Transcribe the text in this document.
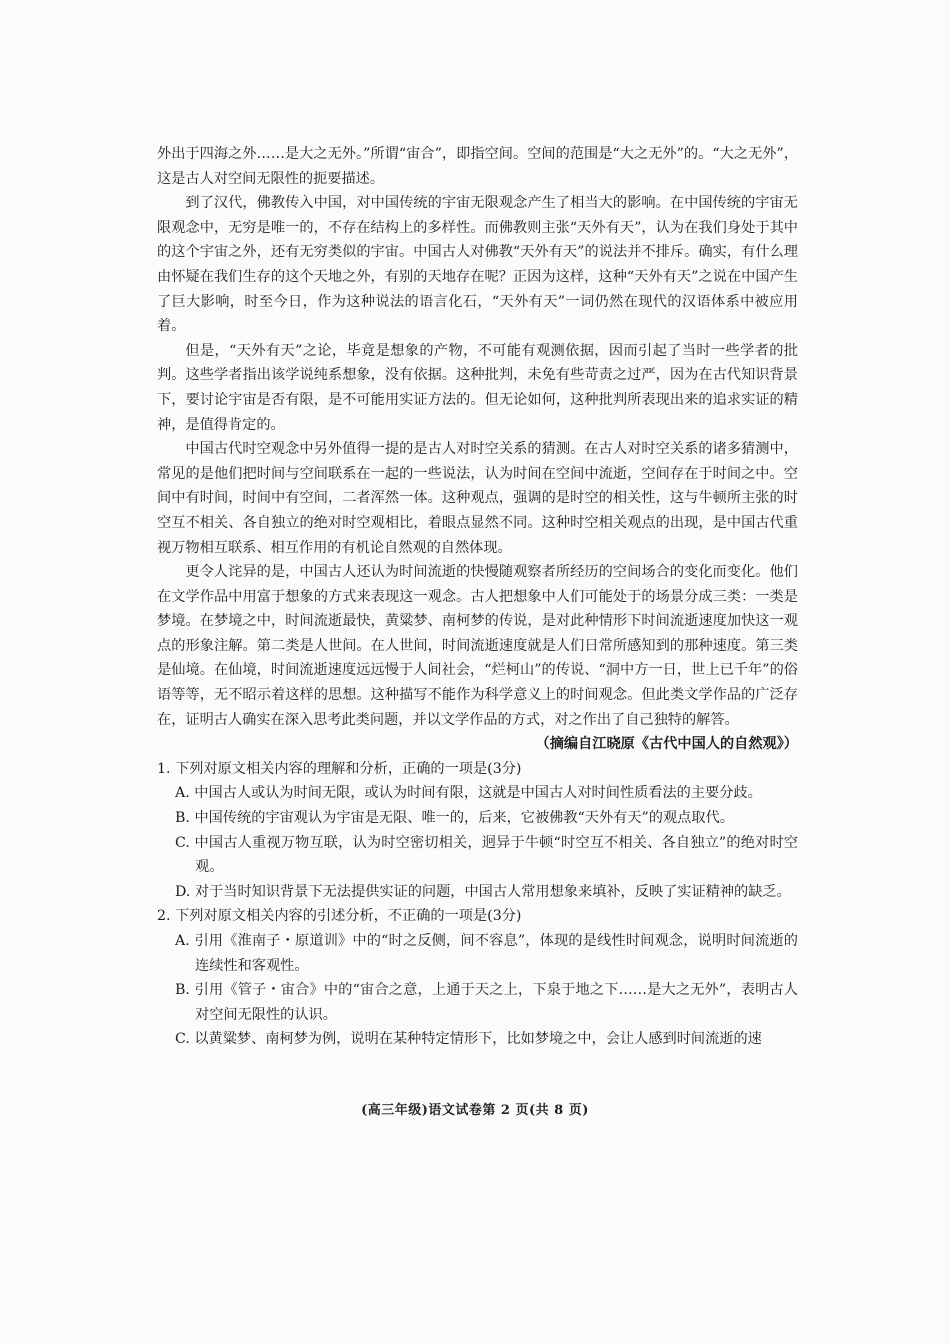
外出于四海之外……是大之无外。”所谓“宙合”，即指空间。空间的范围是“大之无外”的。“大之无外”，这是古人对空间无限性的扼要描述。

到了汉代，佛教传入中国，对中国传统的宇宙无限观念产生了相当大的影响。在中国传统的宇宙无限观念中，无穷是唯一的，不存在结构上的多样性。而佛教则主张“天外有天”，认为在我们身处于其中的这个宇宙之外，还有无穷类似的宇宙。中国古人对佛教“天外有天”的说法并不排斥。确实，有什么理由怀疑在我们生存的这个天地之外，有别的天地存在呢？正因为这样，这种“天外有天”之说在中国产生了巨大影响，时至今日，作为这种说法的语言化石，“天外有天”一词仍然在现代的汉语体系中被应用着。

但是，“天外有天”之论，毕竟是想象的产物，不可能有观测依据，因而引起了当时一些学者的批判。这些学者指出该学说纯系想象，没有依据。这种批判，未免有些苛责之过严，因为在古代知识背景下，要讨论宇宙是否有限，是不可能用实证方法的。但无论如何，这种批判所表现出来的追求实证的精神，是值得肯定的。

中国古代时空观念中另外值得一提的是古人对时空关系的猜测。在古人对时空关系的诸多猜测中，常见的是他们把时间与空间联系在一起的一些说法，认为时间在空间中流逝，空间存在于时间之中。空间中有时间，时间中有空间，二者浑然一体。这种观点，强调的是时空的相关性，这与牛顿所主张的时空互不相关、各自独立的绝对时空观相比，着眼点显然不同。这种时空相关观点的出现，是中国古代重视万物相互联系、相互作用的有机论自然观的自然体现。

更令人诧异的是，中国古人还认为时间流逝的快慢随观察者所经历的空间场合的变化而变化。他们在文学作品中用富于想象的方式来表现这一观念。古人把想象中人们可能处于的场景分成三类：一类是梦境。在梦境之中，时间流逝最快，黄粱梦、南柯梦的传说，是对此种情形下时间流逝速度加快这一观点的形象注解。第二类是人世间。在人世间，时间流逝速度就是人们日常所感知到的那种速度。第三类是仙境。在仙境，时间流逝速度远远慢于人间社会，“烂柯山”的传说、“洞中方一日，世上已千年”的俗语等等，无不昭示着这样的思想。这种描写不能作为科学意义上的时间观念。但此类文学作品的广泛存在，证明古人确实在深入思考此类问题，并以文学作品的方式，对之作出了自己独特的解答。

（摘编自江晓原《古代中国人的自然观》）

1. 下列对原文相关内容的理解和分析，正确的一项是(3分)

A. 中国古人或认为时间无限，或认为时间有限，这就是中国古人对时间性质看法的主要分歧。

B. 中国传统的宇宙观认为宇宙是无限、唯一的，后来，它被佛教“天外有天”的观点取代。

C. 中国古人重视万物互联，认为时空密切相关，迥异于牛顿“时空互不相关、各自独立”的绝对时空观。

D. 对于当时知识背景下无法提供实证的问题，中国古人常用想象来填补，反映了实证精神的缺乏。

2. 下列对原文相关内容的引述分析，不正确的一项是(3分)

A. 引用《淮南子・原道训》中的“时之反侧，间不容息”，体现的是线性时间观念，说明时间流逝的连续性和客观性。

B. 引用《管子・宙合》中的“宙合之意，上通于天之上，下泉于地之下……是大之无外”，表明古人对空间无限性的认识。

C. 以黄粱梦、南柯梦为例，说明在某种特定情形下，比如梦境之中，会让人感到时间流逝的速

(高三年级)语文试卷第 2 页(共 8 页)
